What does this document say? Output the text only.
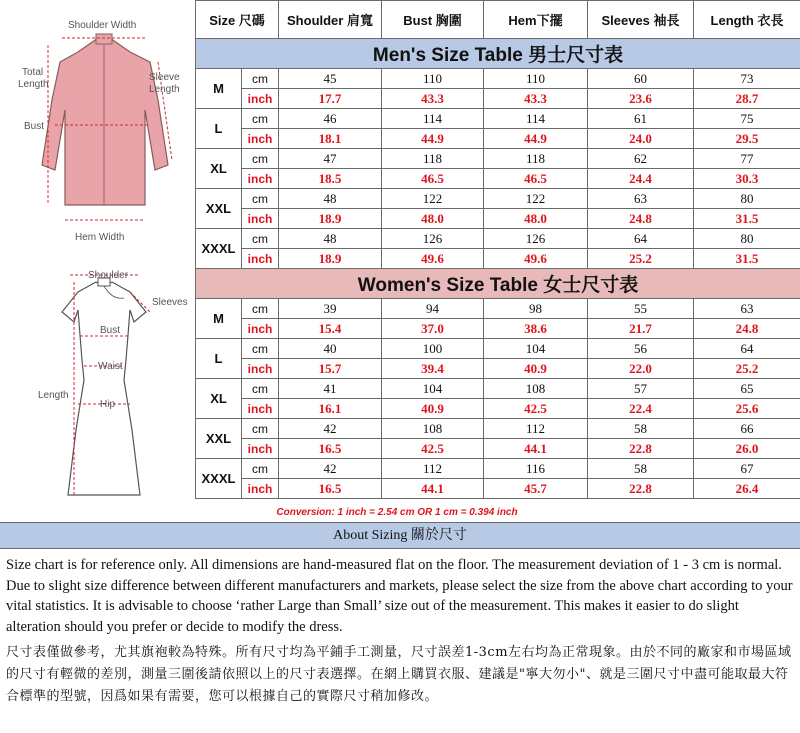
Shoulder Width
Total
Length
Sleeve
Length
Bust
Hem Width
Shoulder
Sleeves
Bust
Waist
Length
Hip
Size 尺碼		Shoulder 肩寬	Bust 胸圍	Hem下擺	Sleeves 袖長	Length 衣長
Men's Size Table 男士尺寸表						
M	cm	45	110	110	60	73
	inch	17.7	43.3	43.3	23.6	28.7
L	cm	46	114	114	61	75
	inch	18.1	44.9	44.9	24.0	29.5
XL	cm	47	118	118	62	77
	inch	18.5	46.5	46.5	24.4	30.3
XXL	cm	48	122	122	63	80
	inch	18.9	48.0	48.0	24.8	31.5
XXXL	cm	48	126	126	64	80
	inch	18.9	49.6	49.6	25.2	31.5
Women's Size Table 女士尺寸表						
M	cm	39	94	98	55	63
	inch	15.4	37.0	38.6	21.7	24.8
L	cm	40	100	104	56	64
	inch	15.7	39.4	40.9	22.0	25.2
XL	cm	41	104	108	57	65
	inch	16.1	40.9	42.5	22.4	25.6
XXL	cm	42	108	112	58	66
	inch	16.5	42.5	44.1	22.8	26.0
XXXL	cm	42	112	116	58	67
	inch	16.5	44.1	45.7	22.8	26.4
Conversion: 1 inch = 2.54 cm OR 1 cm = 0.394 inch
About Sizing 關於尺寸
Size chart is for reference only. All dimensions are hand-measured flat on the floor. The measurement deviation of 1 - 3 cm is normal. Due to slight size difference between different manufacturers and markets, please select the size from the above chart according to your vital statistics. It is advisable to choose ‘rather Large than Small’ size out of the measurement. This makes it easier to do slight alteration should you prefer or decide to modify the dress.
尺寸表僅做參考，尤其旗袍較為特殊。所有尺寸均為平鋪手工測量，尺寸誤差1-3cm左右均為正常現象。由於不同的廠家和市場區域的尺寸有輕微的差別，測量三圍後請依照以上的尺寸表選擇。在網上購買衣服、建議是"寧大勿小"、就是三圍尺寸中盡可能取最大符合標準的型號，因爲如果有需要，您可以根據自己的實際尺寸稍加修改。
